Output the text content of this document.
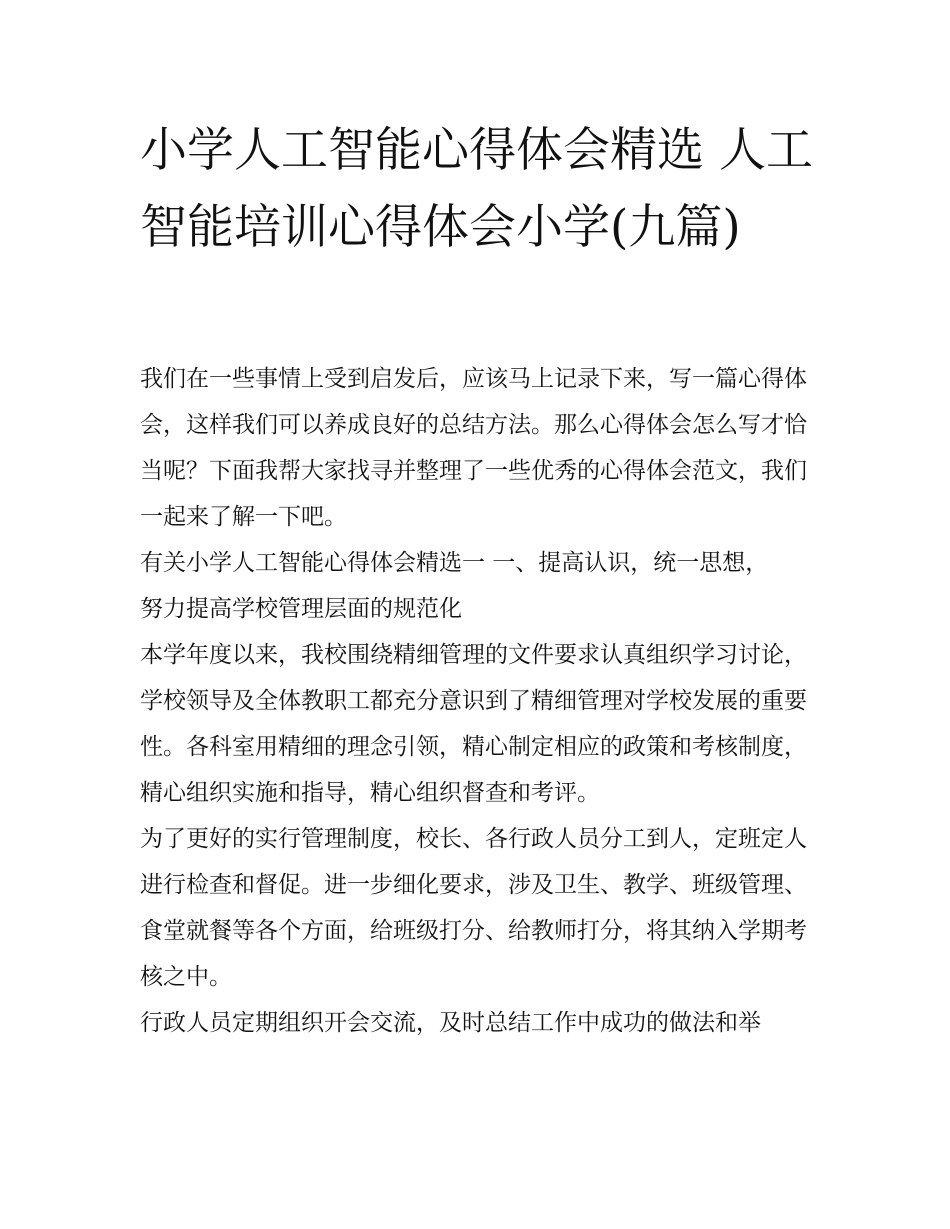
小学人工智能心得体会精选 人工智能培训心得体会小学(九篇)

我们在一些事情上受到启发后，应该马上记录下来，写一篇心得体会，这样我们可以养成良好的总结方法。那么心得体会怎么写才恰当呢？下面我帮大家找寻并整理了一些优秀的心得体会范文，我们一起来了解一下吧。

有关小学人工智能心得体会精选一 一、提高认识，统一思想，努力提高学校管理层面的规范化

本学年度以来，我校围绕精细管理的文件要求认真组织学习讨论，学校领导及全体教职工都充分意识到了精细管理对学校发展的重要性。各科室用精细的理念引领，精心制定相应的政策和考核制度，精心组织实施和指导，精心组织督查和考评。

为了更好的实行管理制度，校长、各行政人员分工到人，定班定人进行检查和督促。进一步细化要求，涉及卫生、教学、班级管理、食堂就餐等各个方面，给班级打分、给教师打分，将其纳入学期考核之中。

行政人员定期组织开会交流，及时总结工作中成功的做法和举
